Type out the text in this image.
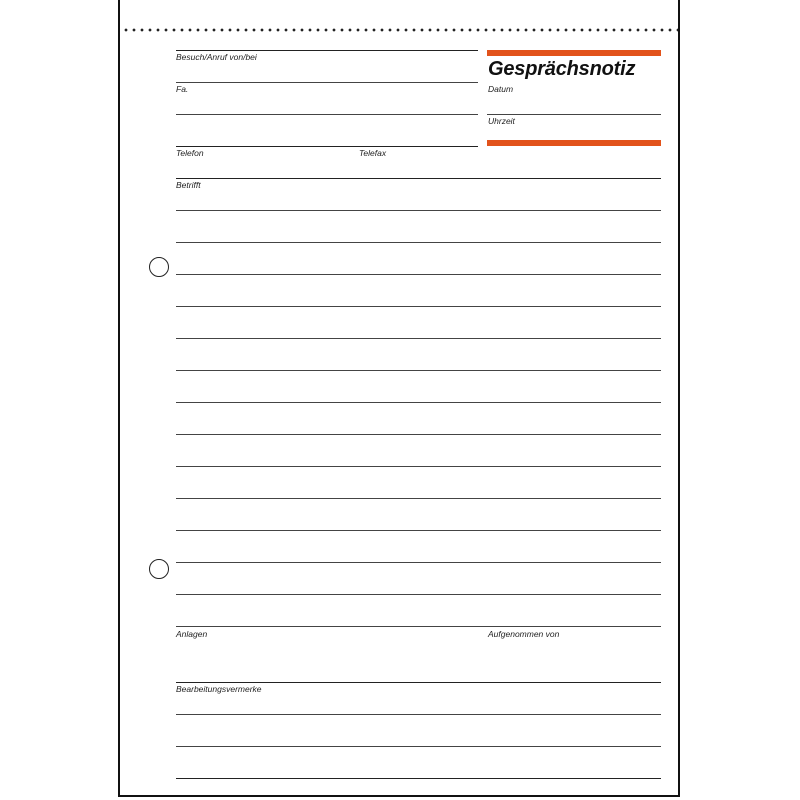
Besuch/Anruf von/bei
Fa.
Telefon	Telefax
Gesprächsnotiz
Datum
Uhrzeit
Betrifft
Anlagen	Aufgenommen von
Bearbeitungsvermerke
